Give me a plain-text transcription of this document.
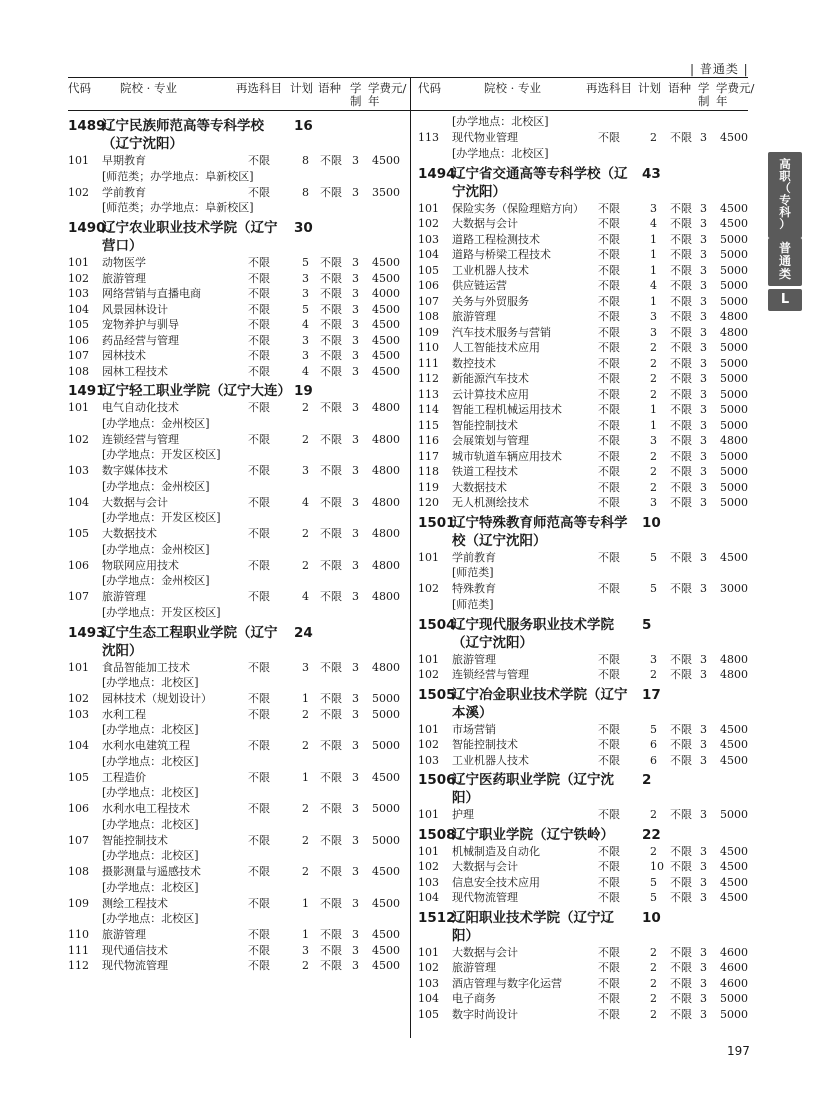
| 普通类 |
代码	院校 · 专业	再选科目 计划 语种 学制
学费元/年
1489
辽宁民族师范高等专科学校（辽宁沈阳）
16
101 早期教育	不限	8 不限 3 4500
[师范类；办学地点：阜新校区]
102 学前教育	不限	8 不限 3 3500
[师范类；办学地点：阜新校区]
1490
辽宁农业职业技术学院（辽宁营口）
30
101 动物医学	不限	5 不限 3 4500
102 旅游管理	不限	3 不限 3 4500
103 网络营销与直播电商	不限	3 不限 3 4000
104 风景园林设计	不限	5 不限 3 4500
105 宠物养护与驯导	不限	4 不限 3 4500
106 药品经营与管理	不限	3 不限 3 4500
107 园林技术	不限	3 不限 3 4500
108 园林工程技术	不限	4 不限 3 4500
1491
辽宁轻工职业学院（辽宁大连） 19
101 电气自动化技术	不限	2 不限 3 4800
[办学地点：金州校区]
102 连锁经营与管理	不限	2 不限 3 4800
[办学地点：开发区校区]
103 数字媒体技术	不限	3 不限 3 4800
[办学地点：金州校区]
104 大数据与会计	不限	4 不限 3 4800
[办学地点：开发区校区]
105 大数据技术	不限	2 不限 3 4800
[办学地点：金州校区]
106 物联网应用技术	不限	2 不限 3 4800
[办学地点：金州校区]
107 旅游管理	不限	4 不限 3 4800
[办学地点：开发区校区]
1493
辽宁生态工程职业学院（辽宁沈阳）
24
101 食品智能加工技术	不限	3 不限 3 4800
[办学地点：北校区]
102 园林技术（规划设计）	不限	1 不限 3 5000
103 水利工程	不限	2 不限 3 5000
[办学地点：北校区]
104 水利水电建筑工程	不限	2 不限 3 5000
[办学地点：北校区]
105 工程造价	不限	1 不限 3 4500
[办学地点：北校区]
106 水利水电工程技术	不限	2 不限 3 5000
[办学地点：北校区]
107 智能控制技术	不限	2 不限 3 5000
[办学地点：北校区]
108 摄影测量与遥感技术	不限	2 不限 3 4500
[办学地点：北校区]
109 测绘工程技术	不限	1 不限 3 4500
[办学地点：北校区]
110 旅游管理	不限	1 不限 3 4500
111 现代通信技术	不限	3 不限 3 4500
112 现代物流管理	不限	2 不限 3 4500
代码	院校 · 专业	再选科目 计划 语种 学制
学费元/年
[办学地点：北校区]
113 现代物业管理	不限	2 不限 3 4500
[办学地点：北校区]
1494
辽宁省交通高等专科学校（辽宁沈阳）
43
101 保险实务（保险理赔方向） 不限	3 不限 3 4500
102 大数据与会计	不限	4 不限 3 4500
103 道路工程检测技术	不限	1 不限 3 5000
104 道路与桥梁工程技术	不限	1 不限 3 5000
105 工业机器人技术	不限	1 不限 3 5000
106 供应链运营	不限	4 不限 3 5000
107 关务与外贸服务	不限	1 不限 3 5000
108 旅游管理	不限	3 不限 3 4800
109 汽车技术服务与营销	不限	3 不限 3 4800
110 人工智能技术应用	不限	2 不限 3 5000
111 数控技术	不限	2 不限 3 5000
112 新能源汽车技术	不限	2 不限 3 5000
113 云计算技术应用	不限	2 不限 3 5000
114 智能工程机械运用技术	不限	1 不限 3 5000
115 智能控制技术	不限	1 不限 3 5000
116 会展策划与管理	不限	3 不限 3 4800
117 城市轨道车辆应用技术	不限	2 不限 3 5000
118 铁道工程技术	不限	2 不限 3 5000
119 大数据技术	不限	2 不限 3 5000
120 无人机测绘技术	不限	3 不限 3 5000
1501
辽宁特殊教育师范高等专科学校（辽宁沈阳）
10
101 学前教育	不限	5 不限 3 4500
[师范类]
102 特殊教育	不限	5 不限 3 3000
[师范类]
1504
辽宁现代服务职业技术学院（辽宁沈阳）
5
101 旅游管理	不限	3 不限 3 4800
102 连锁经营与管理	不限	2 不限 3 4800
1505
辽宁冶金职业技术学院（辽宁本溪）
17
101 市场营销	不限	5 不限 3 4500
102 智能控制技术	不限	6 不限 3 4500
103 工业机器人技术	不限	6 不限 3 4500
1506
辽宁医药职业学院（辽宁沈阳）
2
101 护理	不限	2 不限 3 5000
1508
辽宁职业学院（辽宁铁岭）	22
101 机械制造及自动化	不限	2 不限 3 4500
102 大数据与会计	不限	10 不限 3 4500
103 信息安全技术应用	不限	5 不限 3 4500
104 现代物流管理	不限	5 不限 3 4500
1512
辽阳职业技术学院（辽宁辽阳）
10
101 大数据与会计	不限	2 不限 3 4600
102 旅游管理	不限	2 不限 3 4600
103 酒店管理与数字化运营	不限	2 不限 3 4600
104 电子商务	不限	2 不限 3 5000
105 数字时尚设计	不限	2 不限 3 5000
高
职
（
专
科
）
普
通
类
L
197
